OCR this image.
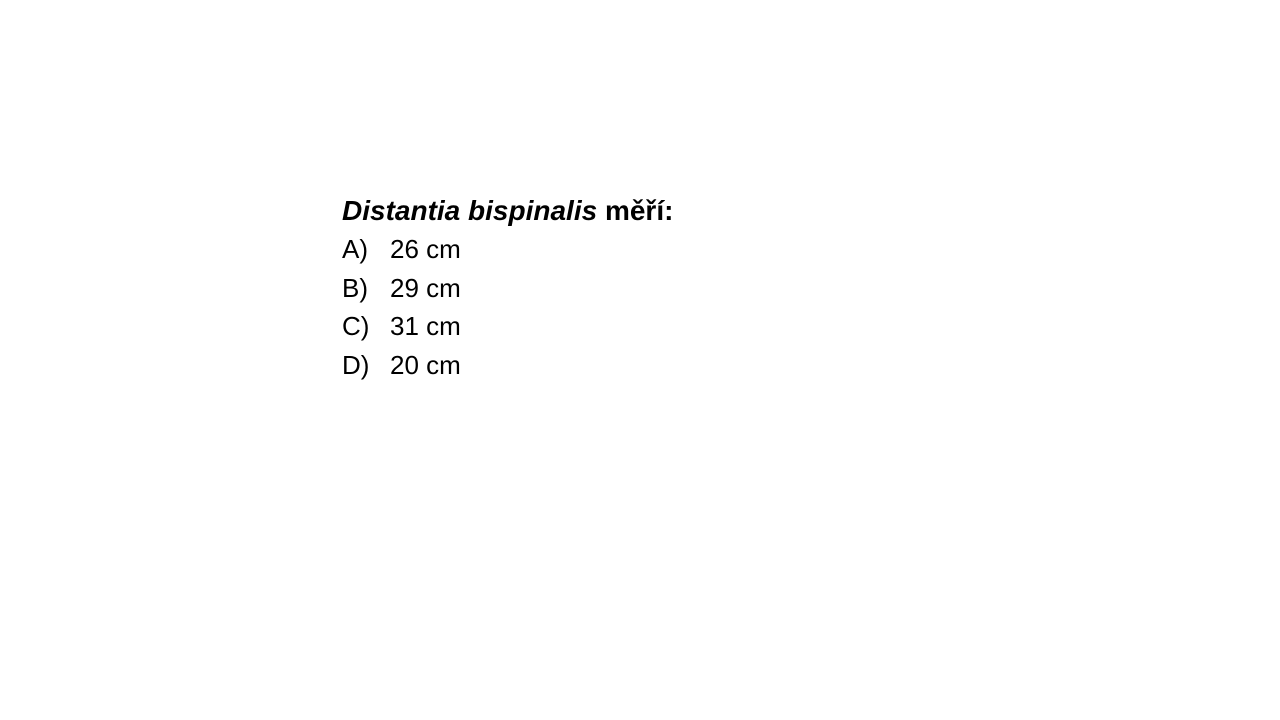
Distantia bispinalis měří:
A) 26 cm
B) 29 cm
C) 31 cm
D) 20 cm
